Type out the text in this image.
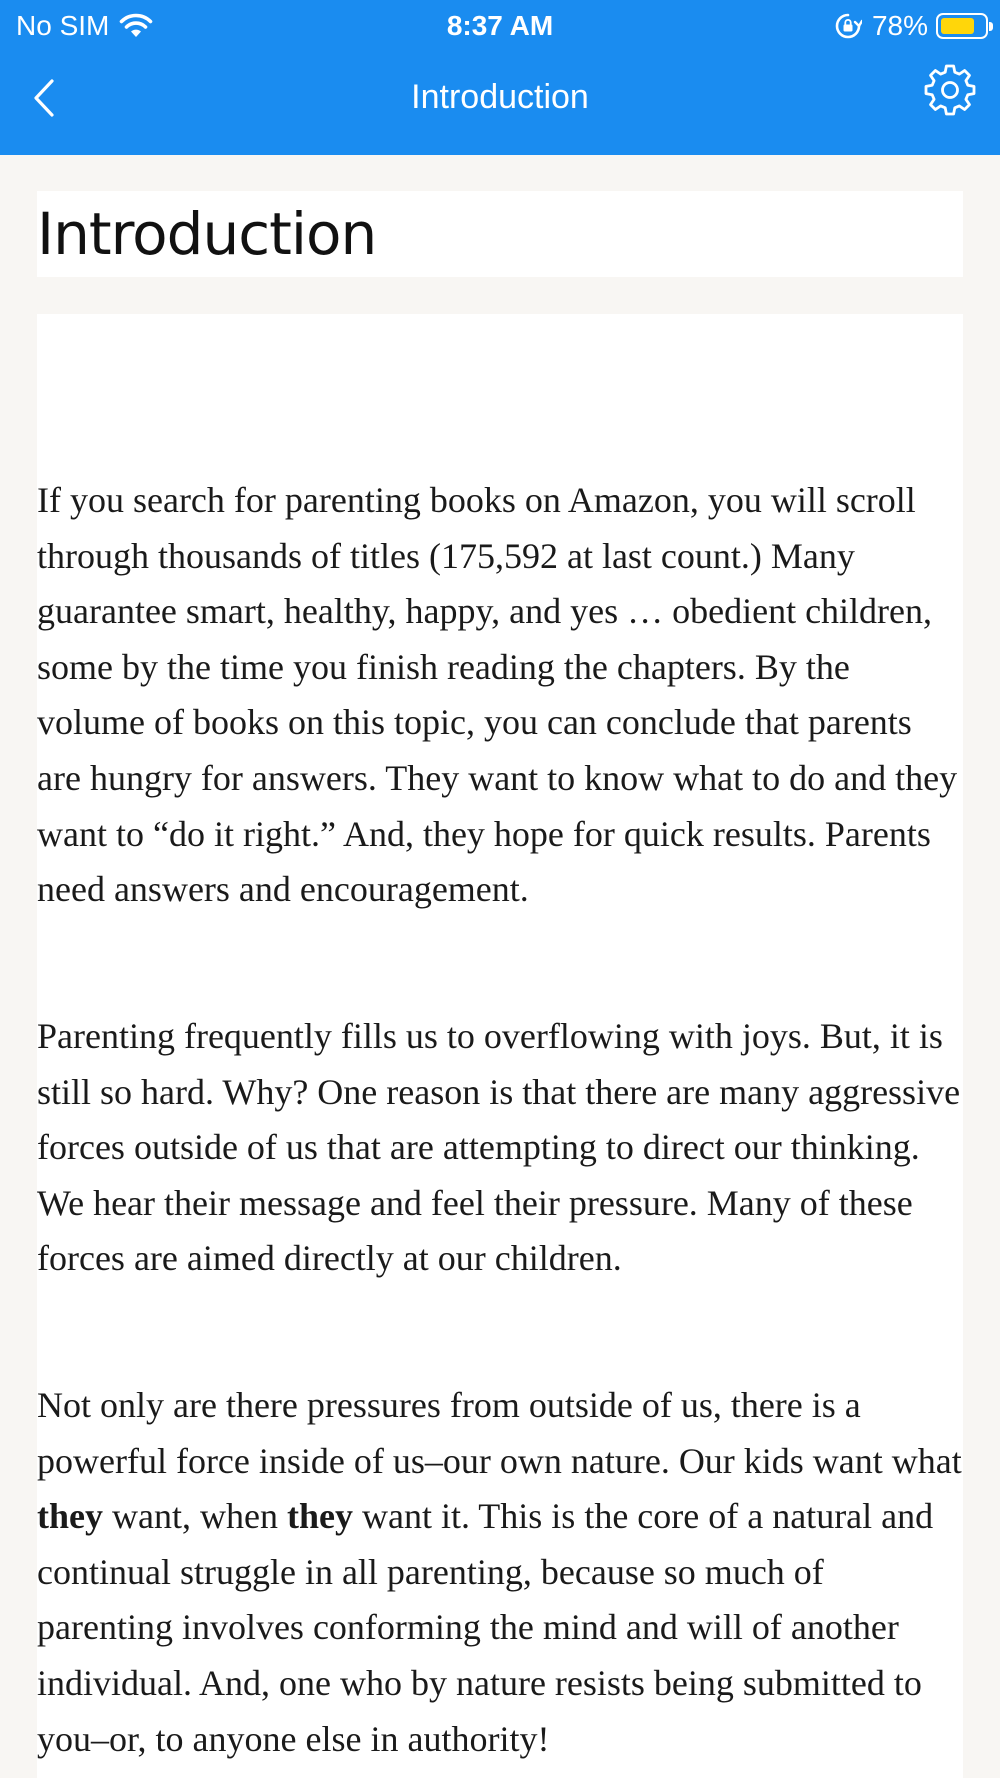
No SIM	8:37 AM	78%
Introduction
Introduction

If you search for parenting books on Amazon, you will scroll through thousands of titles (175,592 at last count.) Many guarantee smart, healthy, happy, and yes … obedient children, some by the time you finish reading the chapters. By the volume of books on this topic, you can conclude that parents are hungry for answers. They want to know what to do and they want to “do it right.” And, they hope for quick results. Parents need answers and encouragement.

Parenting frequently fills us to overflowing with joys. But, it is still so hard. Why? One reason is that there are many aggressive forces outside of us that are attempting to direct our thinking. We hear their message and feel their pressure. Many of these forces are aimed directly at our children.

Not only are there pressures from outside of us, there is a powerful force inside of us–our own nature. Our kids want what they want, when they want it. This is the core of a natural and continual struggle in all parenting, because so much of parenting involves conforming the mind and will of another individual. And, one who by nature resists being submitted to you–or, to anyone else in authority!
